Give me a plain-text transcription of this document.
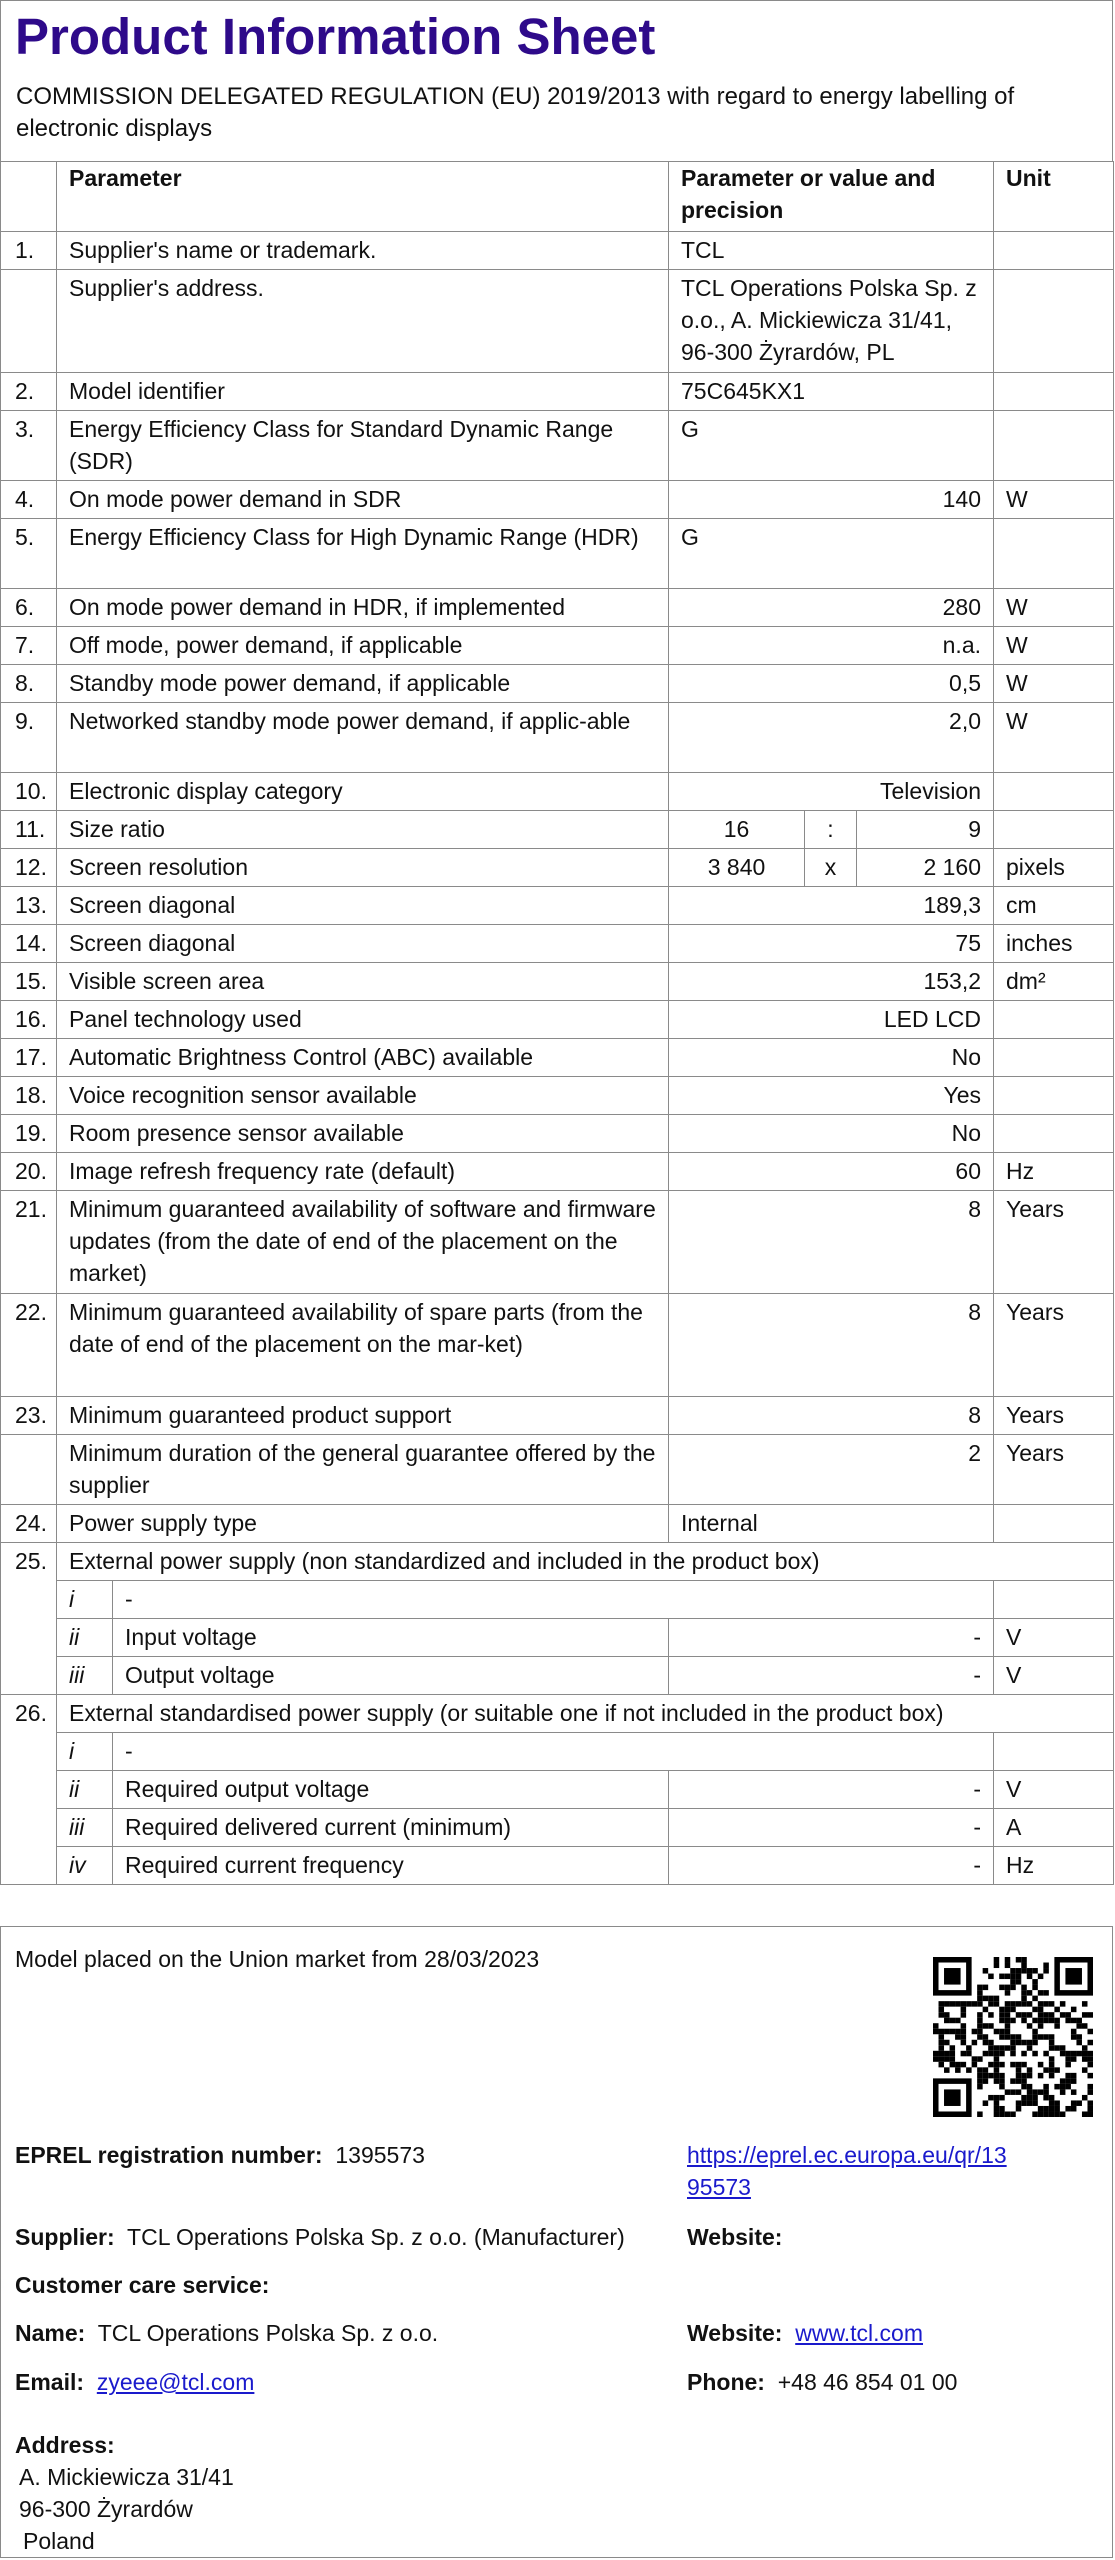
Product Information Sheet
COMMISSION DELEGATED REGULATION (EU) 2019/2013 with regard to energy labelling of electronic displays
	Parameter		Parameter or value and precision			Unit
1.	Supplier's name or trademark.		TCL			
	Supplier's address.		TCL Operations Polska Sp. z o.o., A. Mickiewicza 31/41, 96-300 Żyrardów, PL			
2.	Model identifier		75C645KX1			
3.	Energy Efficiency Class for Standard Dynamic Range (SDR)		G			
4.	On mode power demand in SDR		140			W
5.	Energy Efficiency Class for High Dynamic Range (HDR)		G			
6.	On mode power demand in HDR, if implemented		280			W
7.	Off mode, power demand, if applicable		n.a.			W
8.	Standby mode power demand, if applicable		0,5			W
9.	Networked standby mode power demand, if applic-able		2,0			W
10.	Electronic display category		Television			
11.	Size ratio		16	:	9	
12.	Screen resolution		3 840	x	2 160	pixels
13.	Screen diagonal		189,3			cm
14.	Screen diagonal		75			inches
15.	Visible screen area		153,2			dm²
16.	Panel technology used		LED LCD			
17.	Automatic Brightness Control (ABC) available		No			
18.	Voice recognition sensor available		Yes			
19.	Room presence sensor available		No			
20.	Image refresh frequency rate (default)		60			Hz
21.	Minimum guaranteed availability of software and firmware updates (from the date of end of the placement on the market)		8			Years
22.	Minimum guaranteed availability of spare parts (from the date of end of the placement on the mar-ket)		8			Years
23.	Minimum guaranteed product support		8			Years
	Minimum duration of the general guarantee offered by the supplier		2			Years
24.	Power supply type		Internal			
25.	External power supply (non standardized and included in the product box)					
	i	-				
	ii	Input voltage	-			V
	iii	Output voltage	-			V
26.	External standardised power supply (or suitable one if not included in the product box)					
	i	-				
	ii	Required output voltage	-			V
	iii	Required delivered current (minimum)	-			A
	iv	Required current frequency	-			Hz
Model placed on the Union market from 28/03/2023
EPREL registration number: 1395573	https://eprel.ec.europa.eu/qr/13
95573
Supplier: TCL Operations Polska Sp. z o.o. (Manufacturer)	Website:
Customer care service:
Name: TCL Operations Polska Sp. z o.o.	Website: www.tcl.com
Email: zyeee@tcl.com	Phone: +48 46 854 01 00
Address:
A. Mickiewicza 31/41
96-300 Żyrardów
Poland
